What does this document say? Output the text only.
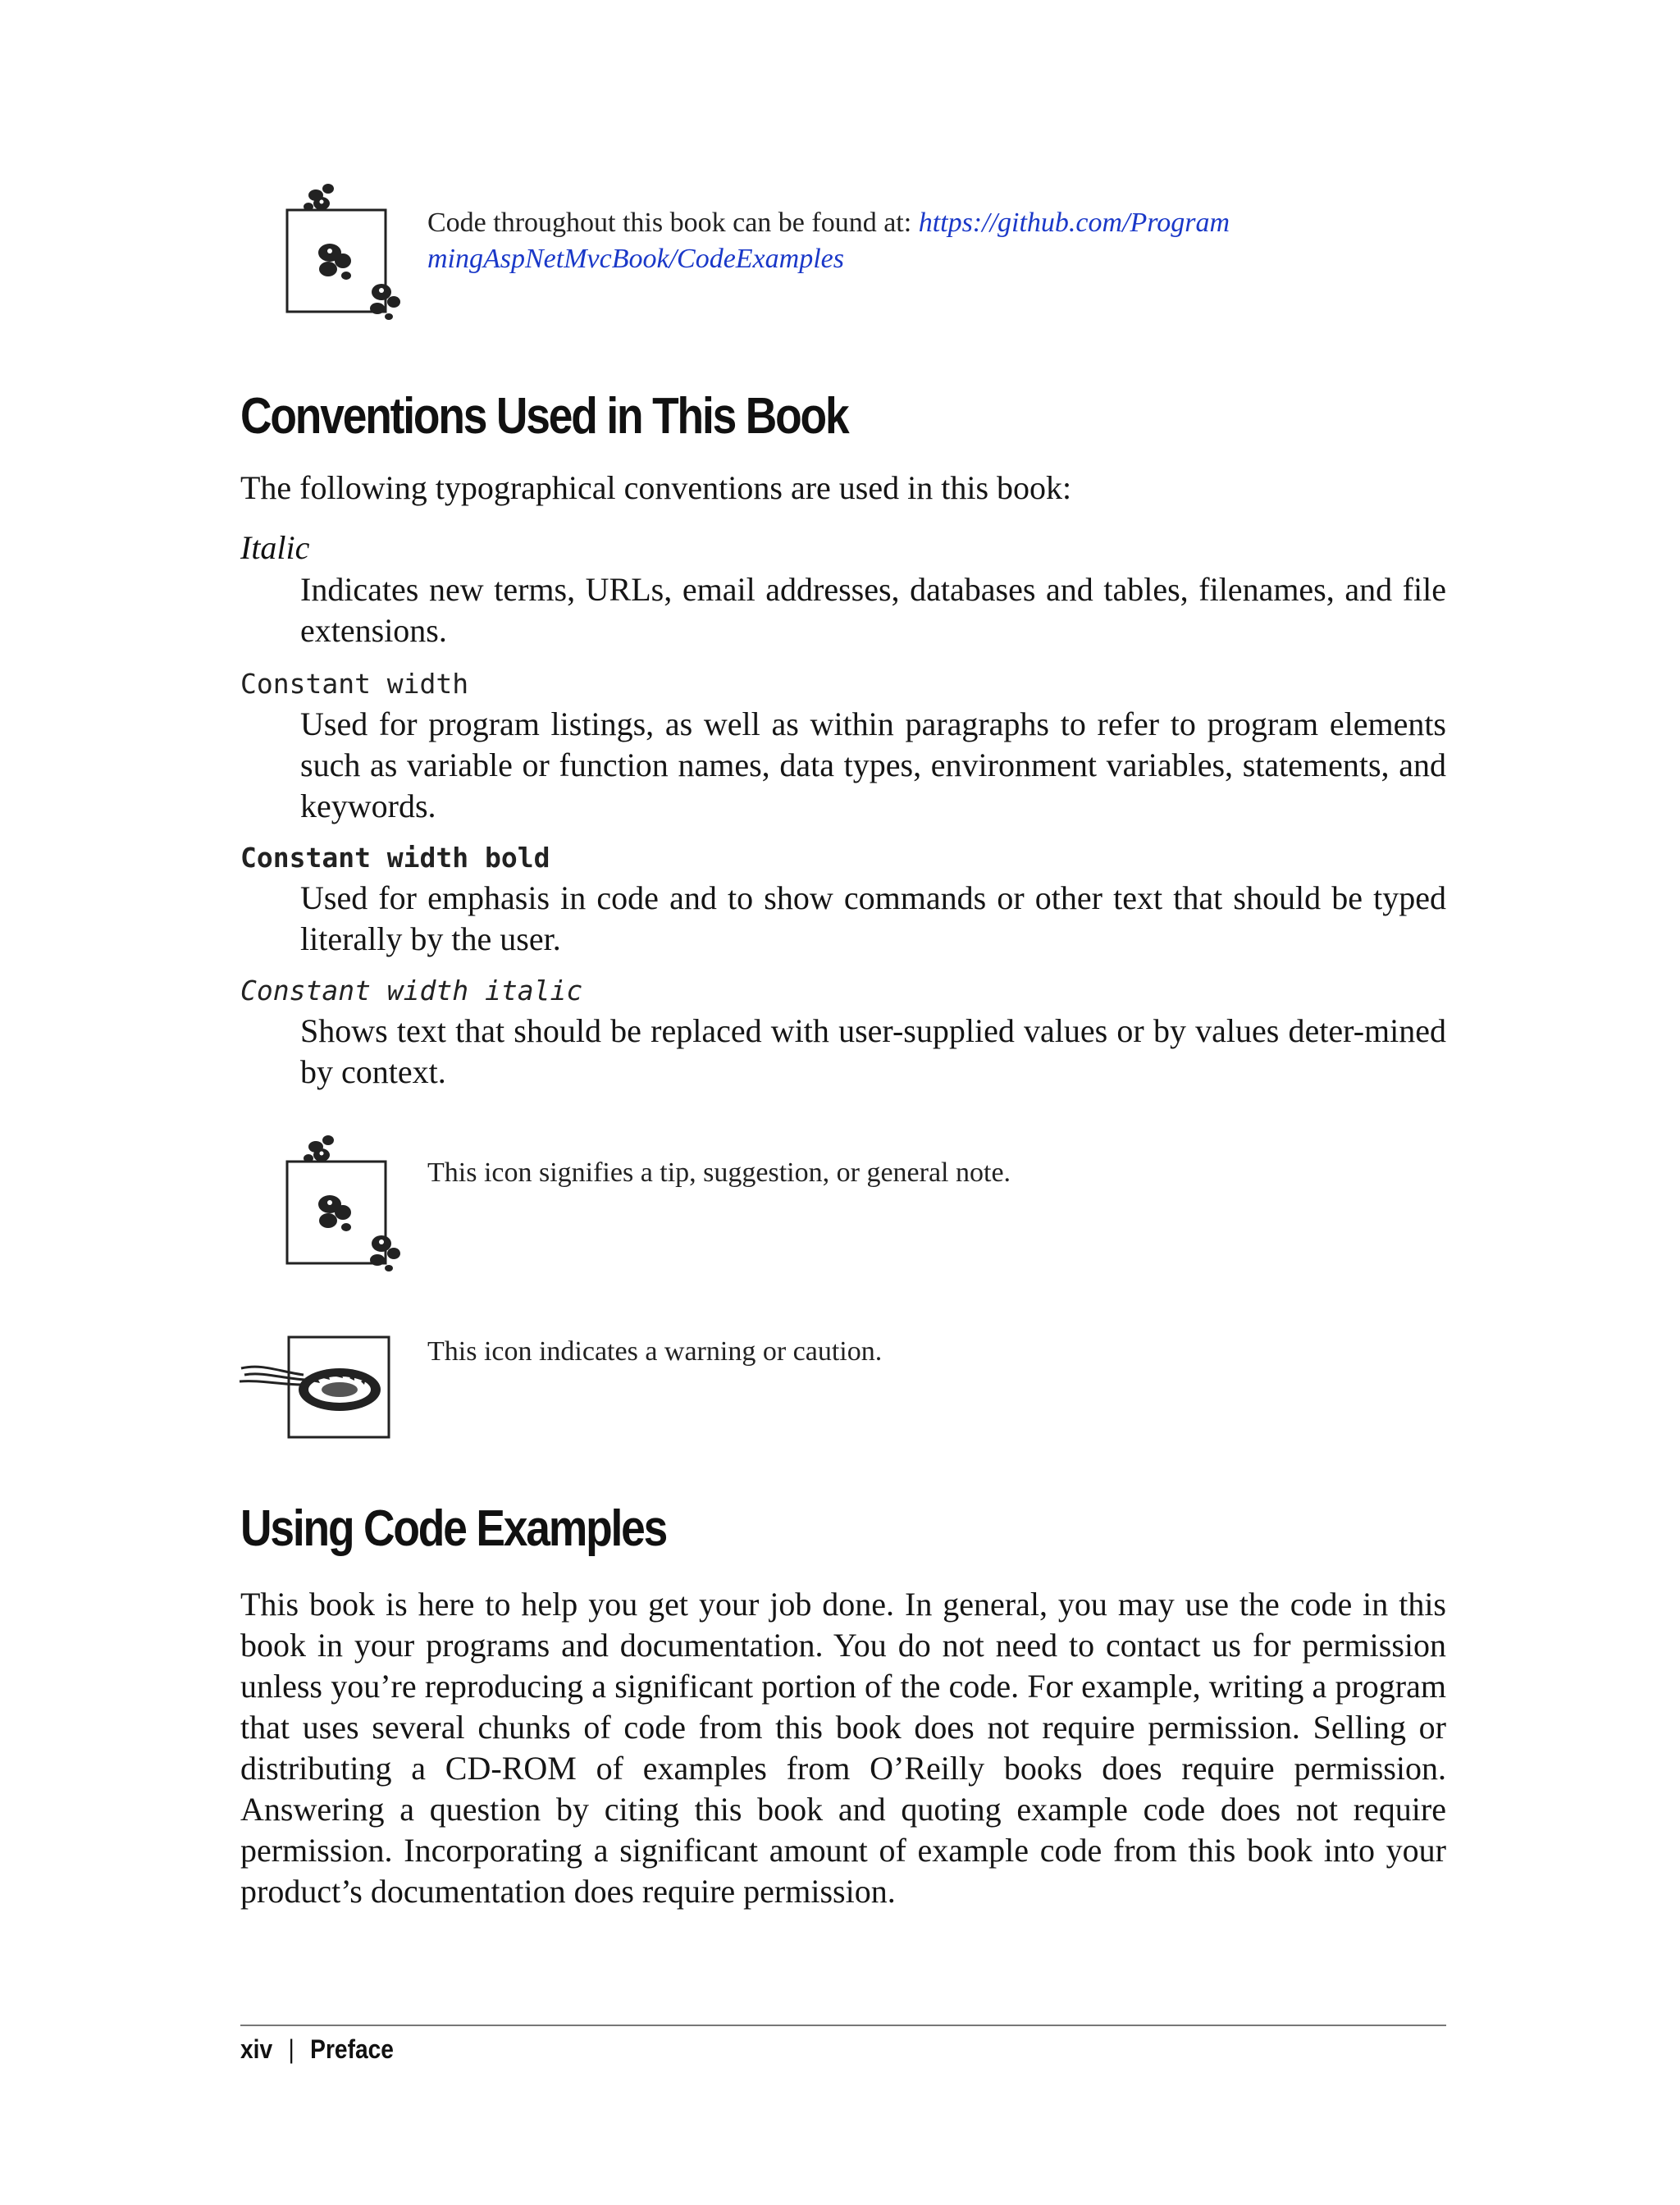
Code throughout this book can be found at: https://github.com/Program
mingAspNetMvcBook/CodeExamples
Conventions Used in This Book

The following typographical conventions are used in this book:

Italic
Indicates new terms, URLs, email addresses, databases and tables, filenames, and file extensions.
Constant width
Used for program listings, as well as within paragraphs to refer to program elements such as variable or function names, data types, environment variables, statements, and keywords.
Constant width bold
Used for emphasis in code and to show commands or other text that should be typed literally by the user.
Constant width italic
Shows text that should be replaced with user-supplied values or by values deter-mined by context.
This icon signifies a tip, suggestion, or general note.
This icon indicates a warning or caution.
Using Code Examples

This book is here to help you get your job done. In general, you may use the code in this book in your programs and documentation. You do not need to contact us for permission unless you’re reproducing a significant portion of the code. For example, writing a program that uses several chunks of code from this book does not require permission. Selling or distributing a CD-ROM of examples from O’Reilly books does require permission. Answering a question by citing this book and quoting example code does not require permission. Incorporating a significant amount of example code from this book into your product’s documentation does require permission.

xiv | Preface
